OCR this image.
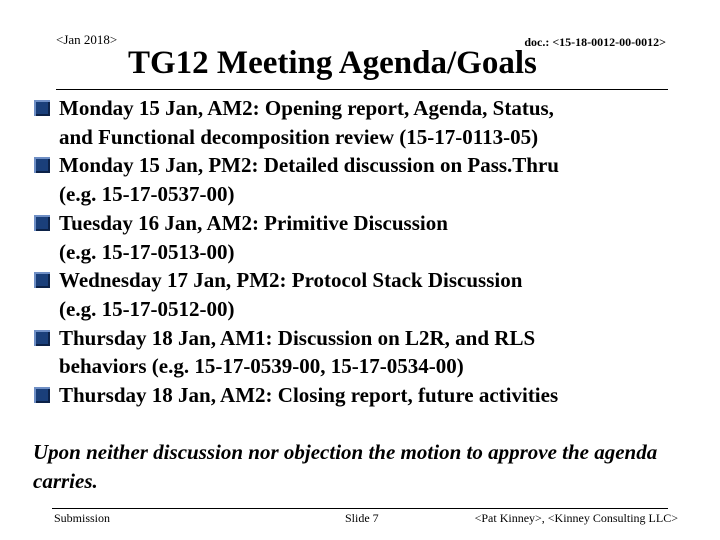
<Jan 2018>	doc.: <15-18-0012-00-0012>
TG12 Meeting Agenda/Goals
Monday 15 Jan, AM2: Opening report, Agenda, Status,
and Functional decomposition review (15-17-0113-05)
Monday 15 Jan, PM2: Detailed discussion on Pass.Thru
(e.g. 15-17-0537-00)
Tuesday 16 Jan, AM2: Primitive Discussion
(e.g. 15-17-0513-00)
Wednesday 17 Jan, PM2: Protocol Stack Discussion
(e.g. 15-17-0512-00)
Thursday 18 Jan, AM1: Discussion on L2R, and RLS
behaviors (e.g. 15-17-0539-00, 15-17-0534-00)
Thursday 18 Jan, AM2: Closing report, future activities
Upon neither discussion nor objection the motion to approve the agenda carries.
Submission	Slide 7	<Pat Kinney>, <Kinney Consulting LLC>
